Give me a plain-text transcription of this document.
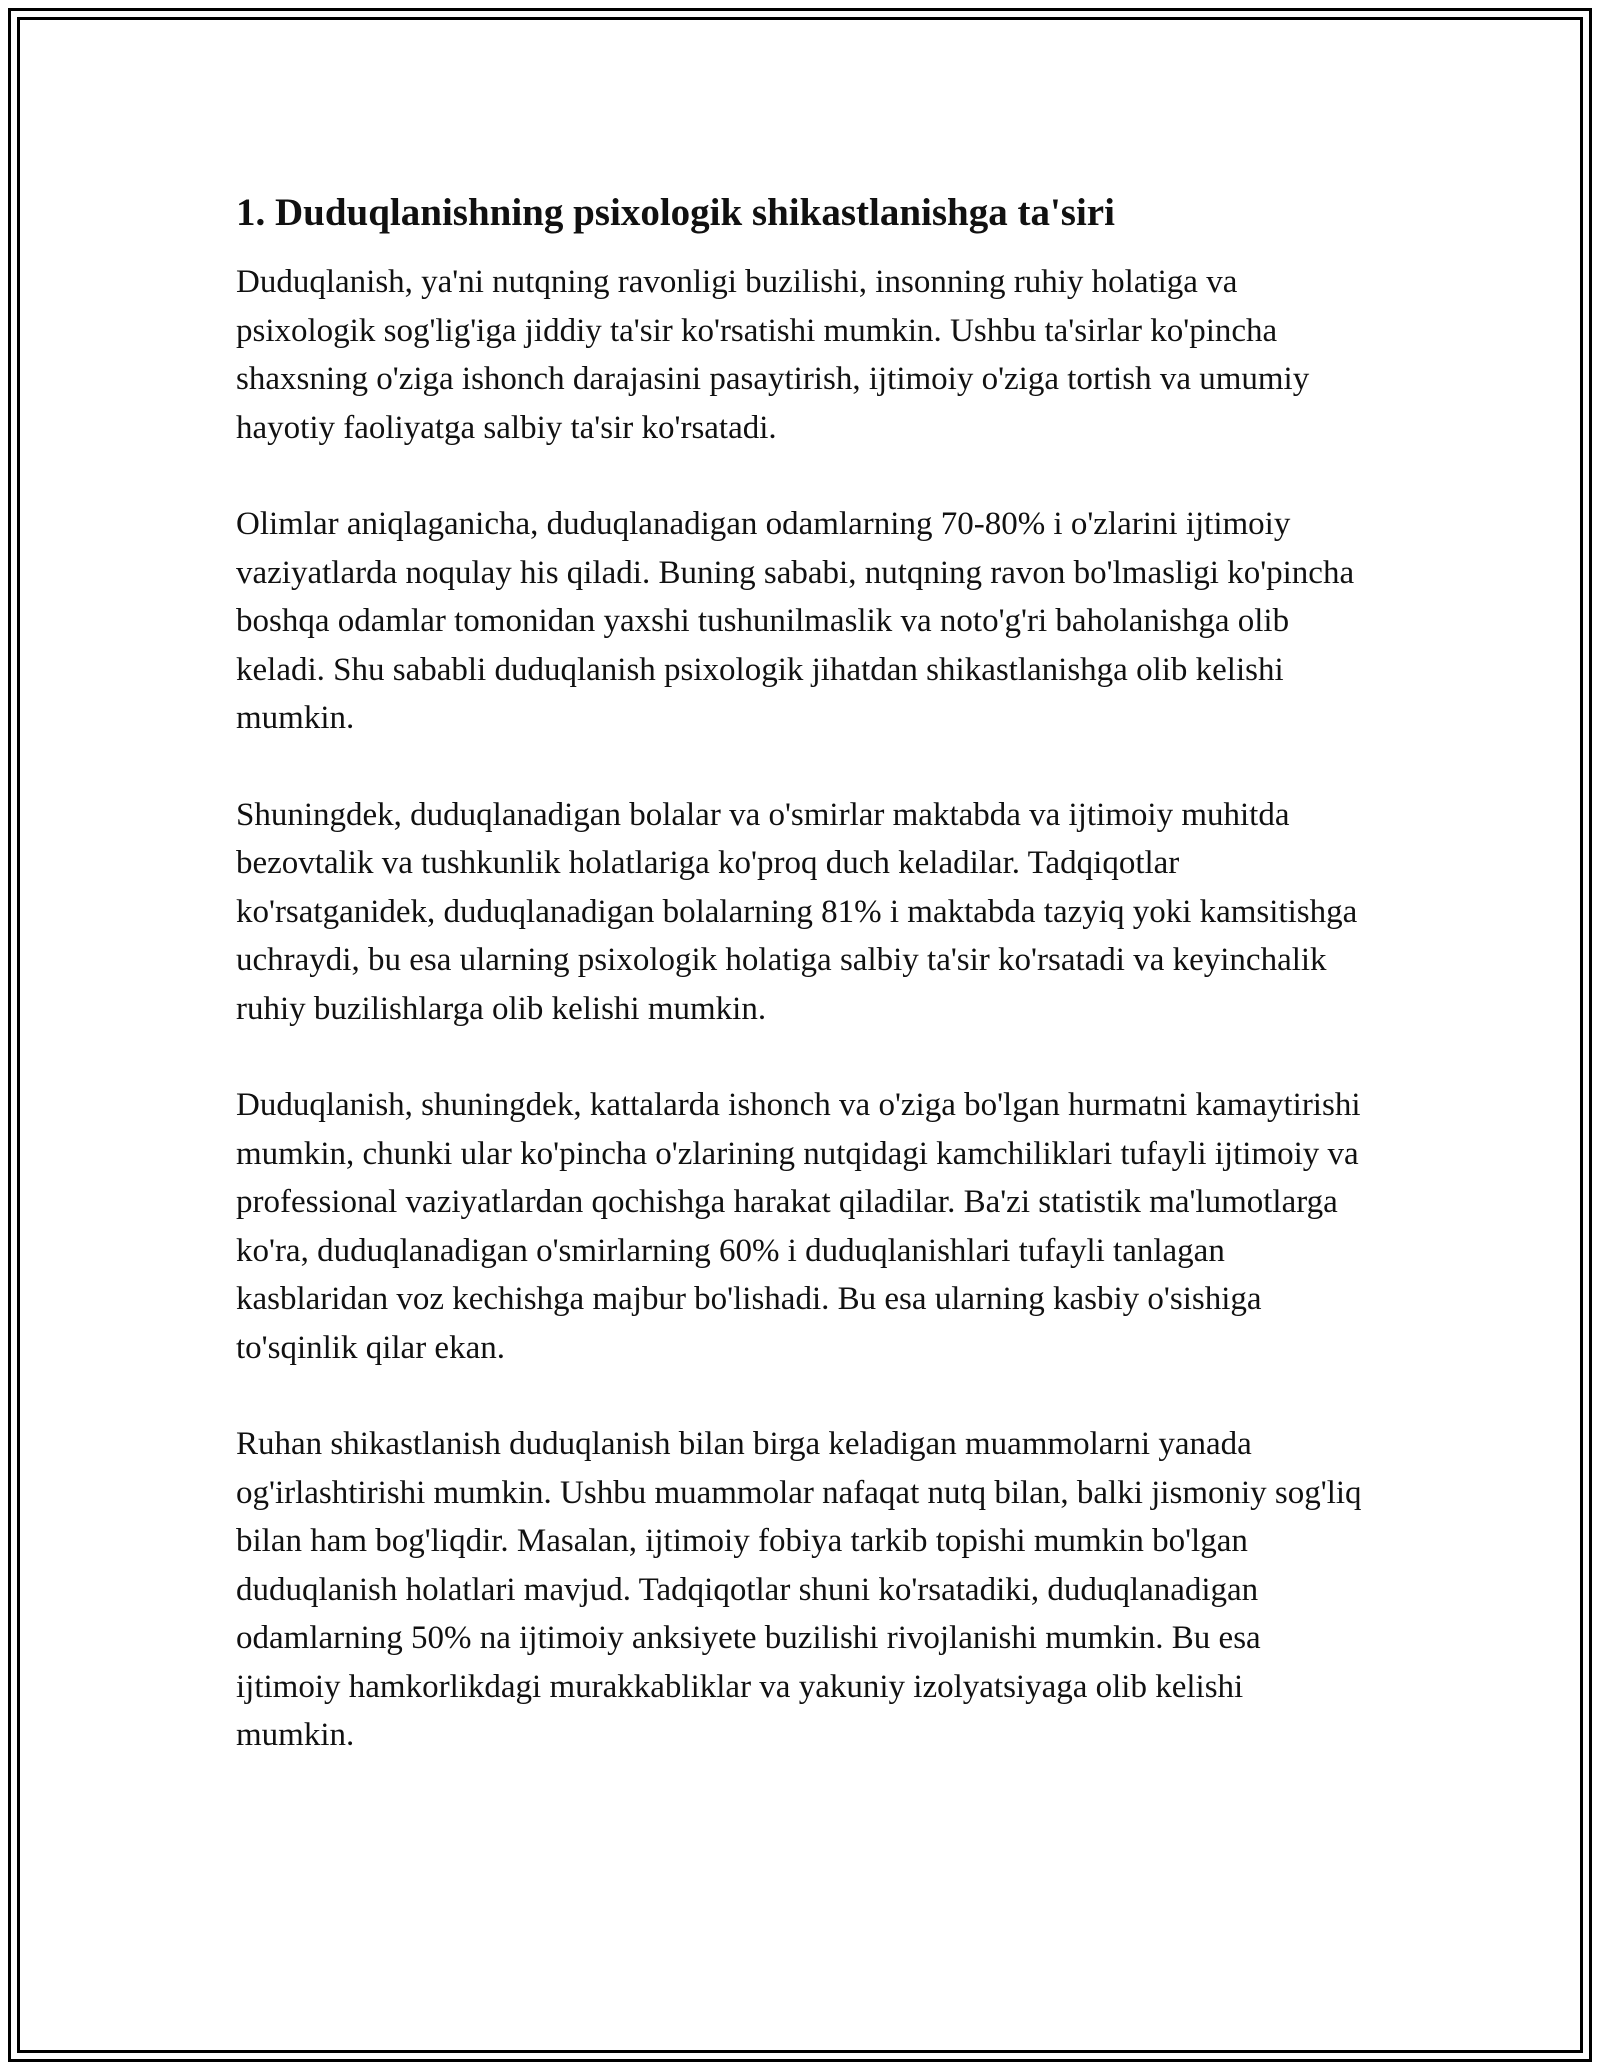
1. Duduqlanishning psixologik shikastlanishga ta'siri

Duduqlanish, ya'ni nutqning ravonligi buzilishi, insonning ruhiy holatiga va psixologik sog'lig'iga jiddiy ta'sir ko'rsatishi mumkin. Ushbu ta'sirlar ko'pincha shaxsning o'ziga ishonch darajasini pasaytirish, ijtimoiy o'ziga tortish va umumiy hayotiy faoliyatga salbiy ta'sir ko'rsatadi.

Olimlar aniqlaganicha, duduqlanadigan odamlarning 70-80% i o'zlarini ijtimoiy vaziyatlarda noqulay his qiladi. Buning sababi, nutqning ravon bo'lmasligi ko'pincha boshqa odamlar tomonidan yaxshi tushunilmaslik va noto'g'ri baholanishga olib keladi. Shu sababli duduqlanish psixologik jihatdan shikastlanishga olib kelishi mumkin.

Shuningdek, duduqlanadigan bolalar va o'smirlar maktabda va ijtimoiy muhitda bezovtalik va tushkunlik holatlariga ko'proq duch keladilar. Tadqiqotlar ko'rsatganidek, duduqlanadigan bolalarning 81% i maktabda tazyiq yoki kamsitishga uchraydi, bu esa ularning psixologik holatiga salbiy ta'sir ko'rsatadi va keyinchalik ruhiy buzilishlarga olib kelishi mumkin.

Duduqlanish, shuningdek, kattalarda ishonch va o'ziga bo'lgan hurmatni kamaytirishi mumkin, chunki ular ko'pincha o'zlarining nutqidagi kamchiliklari tufayli ijtimoiy va professional vaziyatlardan qochishga harakat qiladilar. Ba'zi statistik ma'lumotlarga ko'ra, duduqlanadigan o'smirlarning 60% i duduqlanishlari tufayli tanlagan kasblaridan voz kechishga majbur bo'lishadi. Bu esa ularning kasbiy o'sishiga to'sqinlik qilar ekan.

Ruhan shikastlanish duduqlanish bilan birga keladigan muammolarni yanada og'irlashtirishi mumkin. Ushbu muammolar nafaqat nutq bilan, balki jismoniy sog'liq bilan ham bog'liqdir. Masalan, ijtimoiy fobiya tarkib topishi mumkin bo'lgan duduqlanish holatlari mavjud. Tadqiqotlar shuni ko'rsatadiki, duduqlanadigan odamlarning 50% na ijtimoiy anksiyete buzilishi rivojlanishi mumkin. Bu esa ijtimoiy hamkorlikdagi murakkabliklar va yakuniy izolyatsiyaga olib kelishi mumkin.
